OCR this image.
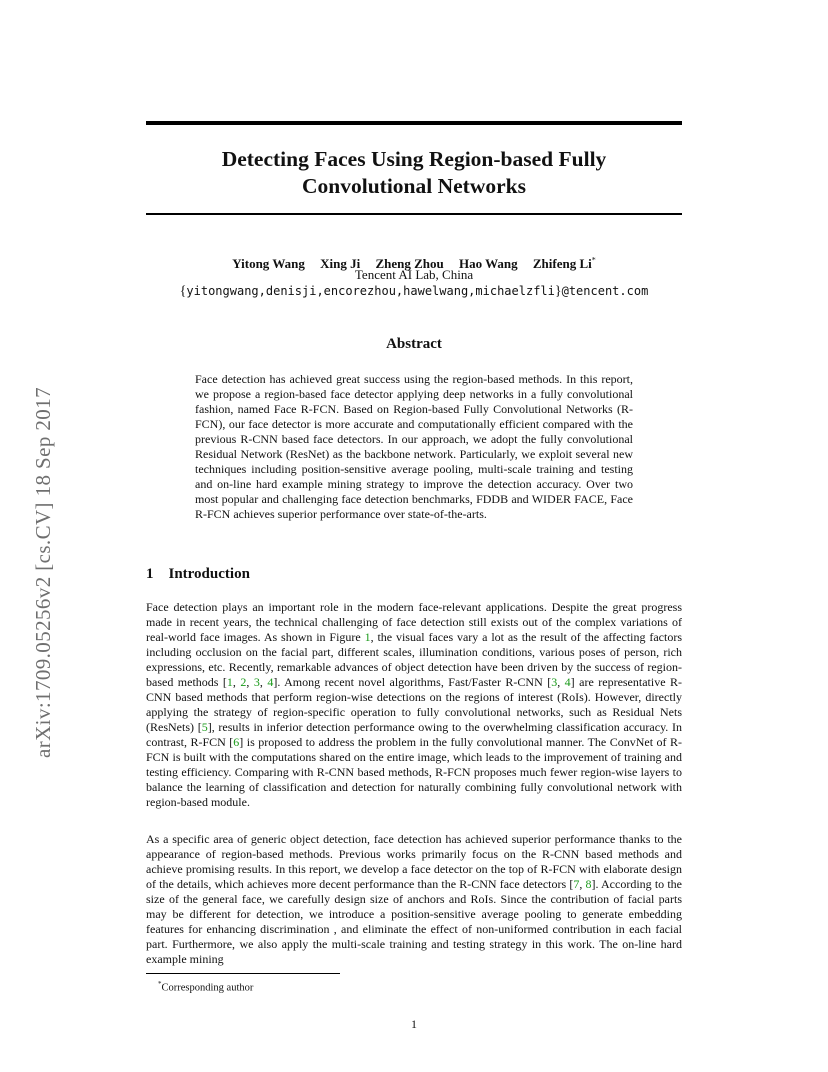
arXiv:1709.05256v2 [cs.CV] 18 Sep 2017
Detecting Faces Using Region-based Fully
Convolutional Networks
Yitong Wang Xing Ji Zheng Zhou Hao Wang Zhifeng Li*
Tencent AI Lab, China
{yitongwang,denisji,encorezhou,hawelwang,michaelzfli}@tencent.com
Abstract

Face detection has achieved great success using the region-based methods. In this report, we propose a region-based face detector applying deep networks in a fully convolutional fashion, named Face R-FCN. Based on Region-based Fully Convolutional Networks (R-FCN), our face detector is more accurate and computationally efficient compared with the previous R-CNN based face detectors. In our approach, we adopt the fully convolutional Residual Network (ResNet) as the backbone network. Particularly, we exploit several new techniques including position-sensitive average pooling, multi-scale training and testing and on-line hard example mining strategy to improve the detection accuracy. Over two most popular and challenging face detection benchmarks, FDDB and WIDER FACE, Face R-FCN achieves superior performance over state-of-the-arts.

1 Introduction

Face detection plays an important role in the modern face-relevant applications. Despite the great progress made in recent years, the technical challenging of face detection still exists out of the complex variations of real-world face images. As shown in Figure 1, the visual faces vary a lot as the result of the affecting factors including occlusion on the facial part, different scales, illumination conditions, various poses of person, rich expressions, etc. Recently, remarkable advances of object detection have been driven by the success of region-based methods [1, 2, 3, 4]. Among recent novel algorithms, Fast/Faster R-CNN [3, 4] are representative R-CNN based methods that perform region-wise detections on the regions of interest (RoIs). However, directly applying the strategy of region-specific operation to fully convolutional networks, such as Residual Nets (ResNets) [5], results in inferior detection performance owing to the overwhelming classification accuracy. In contrast, R-FCN [6] is proposed to address the problem in the fully convolutional manner. The ConvNet of R-FCN is built with the computations shared on the entire image, which leads to the improvement of training and testing efficiency. Comparing with R-CNN based methods, R-FCN proposes much fewer region-wise layers to balance the learning of classification and detection for naturally combining fully convolutional network with region-based module.

As a specific area of generic object detection, face detection has achieved superior performance thanks to the appearance of region-based methods. Previous works primarily focus on the R-CNN based methods and achieve promising results. In this report, we develop a face detector on the top of R-FCN with elaborate design of the details, which achieves more decent performance than the R-CNN face detectors [7, 8]. According to the size of the general face, we carefully design size of anchors and RoIs. Since the contribution of facial parts may be different for detection, we introduce a position-sensitive average pooling to generate embedding features for enhancing discrimination , and eliminate the effect of non-uniformed contribution in each facial part. Furthermore, we also apply the multi-scale training and testing strategy in this work. The on-line hard example mining

*Corresponding author
1
